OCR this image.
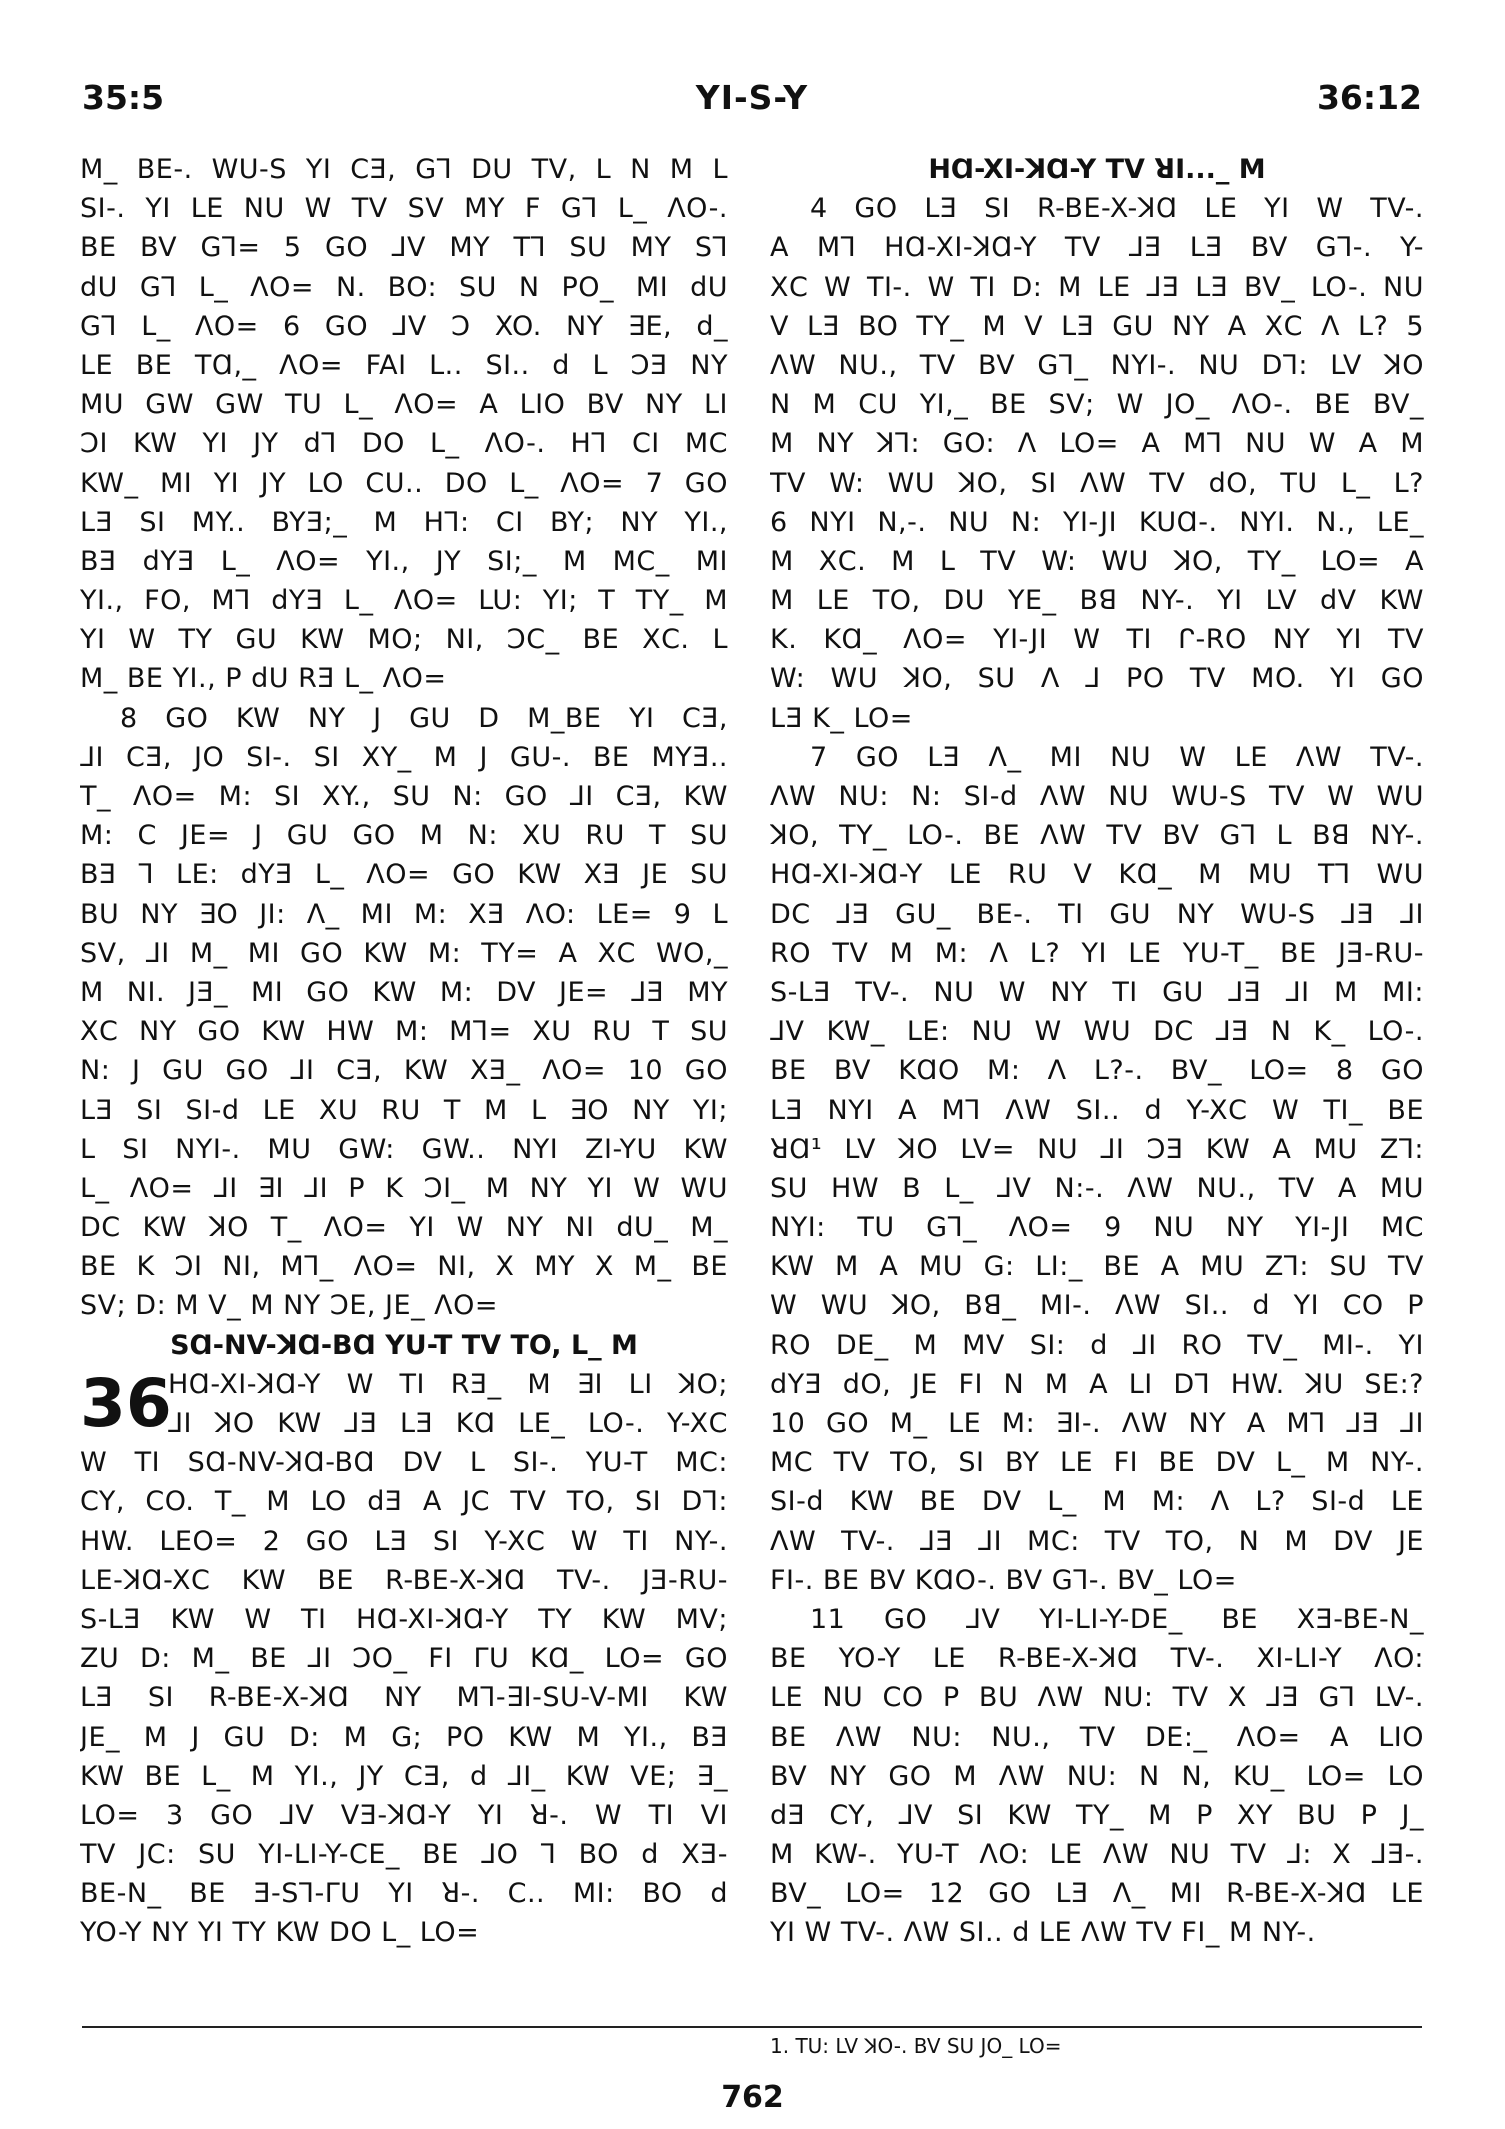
35:5	YI-S-Y	36:12
M_ BE-. WU-S YI CƎ, G⅂ DU TV, L N M L
SI-. YI LE NU W TV SV MY F G⅂ L_ ΛO-.
BE BV G⅂= 5 GO ⅃V MY T⅂ SU MY S⅂
dU G⅂ L_ ΛO= N. BO: SU N PO_ MI dU
G⅂ L_ ΛO= 6 GO ⅃V Ɔ XO. NY ∃E, d_
LE BE TⱭ,_ ΛO= FAI L.. SI.. d L ƆƎ NY
MU GW GW TU L_ ΛO= A LIO BV NY LI
ƆI KW YI JY d⅂ DO L_ ΛO-. H⅂ CI MⅭ
KW_ MI YI JY LO CU.. DO L_ ΛO= 7 GO
LƎ SI MY.. BYƎ;_ M H⅂: CI BY; NY YI.,
BƎ dYƎ L_ ΛO= YI., JY SI;_ M MⅭ_ MI
YI., FO, M⅂ dYƎ L_ ΛO= LU: YI; T TY_ M
YI W TY GU KW MO; NI, ƆⅭ_ BE XⅭ. L
M_ BE YI., P dU RƎ L_ ΛO=
8 GO KW NY J GU D M_BE YI CƎ,
⅃I CƎ, JO SI-. SI XY_ M J GU-. BE MYƎ..
T_ ΛO= M: SI XY., SU N: GO ⅃I CƎ, KW
M: C JE= J GU GO M N: XU RU T SU
BƎ ⅂ LE: dYƎ L_ ΛO= GO KW XƎ JE SU
BU NY ∃O JI: Λ_ MI M: XƎ ΛO: LE= 9 L
SV, ⅃I M_ MI GO KW M: TY= A XⅭ WO,_
M NI. JƎ_ MI GO KW M: DV JE= ⅃Ǝ MY
XⅭ NY GO KW HW M: M⅂= XU RU T SU
N: J GU GO ⅃I CƎ, KW XƎ_ ΛO= 10 GO
LƎ SI SI-d LE XU RU T M L ∃O NY YI;
L SI NYI-. MU GW: GW.. NYI ZI-YU KW
L_ ΛO= ⅃I ∃I ⅃I P K ƆI_ M NY YI W WU
DⅭ KW ꓘO T_ ΛO= YI W NY NI dU_ M_
BE K ƆI NI, M⅂_ ΛO= NI, X MY X M_ BE
SV; D: M V_ M NY ƆE, JE_ ΛO=
SⱭ-NV-ꓘⱭ-BⱭ YU-T TV TO, L_ M
36
HⱭ-XI-ꓘⱭ-Y W TI RƎ_ M ∃I LI ꓘO;
⅃I ꓘO KW ⅃Ǝ LƎ KⱭ LE_ LO-. Y-XⅭ
W TI SⱭ-NV-ꓘⱭ-BⱭ DV L SI-. YU-T MⅭ:
CY, CO. T_ M LO dƎ A JⅭ TV TO, SI D⅂:
HW. LEO= 2 GO LƎ SI Y-XⅭ W TI NY-.
LE-ꓘⱭ-XⅭ KW BE R-BE-X-ꓘⱭ TV-. JƎ-RU-
S-LƎ KW W TI HⱭ-XI-ꓘⱭ-Y TY KW MV;
ZU D: M_ BE ⅃I ƆO_ FI ᒥU KⱭ_ LO= GO
LƎ SI R-BE-X-ꓘⱭ NY M⅂-∃I-SU-V-MI KW
JE_ M J GU D: M G; PO KW M YI., BƎ
KW BE L_ M YI., JY CƎ, d ⅃I_ KW VE; ∃_
LO= 3 GO ⅃V VƎ-ꓘⱭ-Y YI ꓤ-. W TI VI
TV JⅭ: SU YI-LI-Y-CE_ BE ⅃O ⅂ BO d XƎ-
BE-N_ BE Ǝ-S⅂-ᒥU YI ꓤ-. C.. MI: BO d
YO-Y NY YI TY KW DO L_ LO=
HⱭ-XI-ꓘⱭ-Y TV ꓤI..._ M
4 GO LƎ SI R-BE-X-ꓘⱭ LE YI W TV-.
A M⅂ HⱭ-XI-ꓘⱭ-Y TV ⅃Ǝ LƎ BV G⅂-. Y-
XⅭ W TI-. W TI D: M LE ⅃Ǝ LƎ BV_ LO-. NU
V LƎ BO TY_ M V LƎ GU NY A XⅭ Λ L? 5
ΛW NU., TV BV G⅂_ NYI-. NU D⅂: LV ꓘO
N M CU YI,_ BE SV; W JO_ ΛO-. BE BV_
M NY ꓘ⅂: GO: Λ LO= A M⅂ NU W A M
TV W: WU ꓘO, SI ΛW TV dO, TU L_ L?
6 NYI N,-. NU N: YI-JI KUⱭ-. NYI. N., LE_
M XⅭ. M L TV W: WU ꓘO, TY_ LO= A
M LE TO, DU YE_ Bꓭ NY-. YI LV dV KW
K. KⱭ_ ΛO= YI-JI W TI ᒋ-RO NY YI TV
W: WU ꓘO, SU Λ ⅃ PO TV MO. YI GO
LƎ K_ LO=
7 GO LƎ Λ_ MI NU W LE ΛW TV-.
ΛW NU: N: SI-d ΛW NU WU-S TV W WU
ꓘO, TY_ LO-. BE ΛW TV BV G⅂ L Bꓭ NY-.
HⱭ-XI-ꓘⱭ-Y LE RU V KⱭ_ M MU T⅂ WU
DⅭ ⅃Ǝ GU_ BE-. TI GU NY WU-S ⅃Ǝ ⅃I
RO TV M M: Λ L? YI LE YU-T_ BE JƎ-RU-
S-LƎ TV-. NU W NY TI GU ⅃Ǝ ⅃I M MI:
⅃V KW_ LE: NU W WU DⅭ ⅃Ǝ N K_ LO-.
BE BV KⱭO M: Λ L?-. BV_ LO= 8 GO
LƎ NYI A M⅂ ΛW SI.. d Y-XⅭ W TI_ BE
ꓤⱭ¹ LV ꓘO LV= NU ⅃I ƆƎ KW A MU Z⅂:
SU HW B L_ ⅃V N:-. ΛW NU., TV A MU
NYI: TU G⅂_ ΛO= 9 NU NY YI-JI MⅭ
KW M A MU G: LI:_ BE A MU Z⅂: SU TV
W WU ꓘO, Bꓭ_ MI-. ΛW SI.. d YI CO P
RO DE_ M MV SI: d ⅃I RO TV_ MI-. YI
dYƎ dO, JE FI N M A LI D⅂ HW. ꓘU SE:?
10 GO M_ LE M: ∃I-. ΛW NY A M⅂ ⅃Ǝ ⅃I
MⅭ TV TO, SI BY LE FI BE DV L_ M NY-.
SI-d KW BE DV L_ M M: Λ L? SI-d LE
ΛW TV-. ⅃Ǝ ⅃I MⅭ: TV TO, N M DV JE
FI-. BE BV KⱭO-. BV G⅂-. BV_ LO=
11 GO ⅃V YI-LI-Y-DE_ BE XƎ-BE-N_
BE YO-Y LE R-BE-X-ꓘⱭ TV-. XI-LI-Y ΛO:
LE NU CO P BU ΛW NU: TV X ⅃Ǝ G⅂ LV-.
BE ΛW NU: NU., TV DE:_ ΛO= A LIO
BV NY GO M ΛW NU: N N, KU_ LO= LO
dƎ CY, ⅃V SI KW TY_ M P XY BU P J_
M KW-. YU-T ΛO: LE ΛW NU TV ⅃: X ⅃Ǝ-.
BV_ LO= 12 GO LƎ Λ_ MI R-BE-X-ꓘⱭ LE
YI W TV-. ΛW SI.. d LE ΛW TV FI_ M NY-.
1. TU: LV ꓘO-. BV SU JO_ LO=
762
